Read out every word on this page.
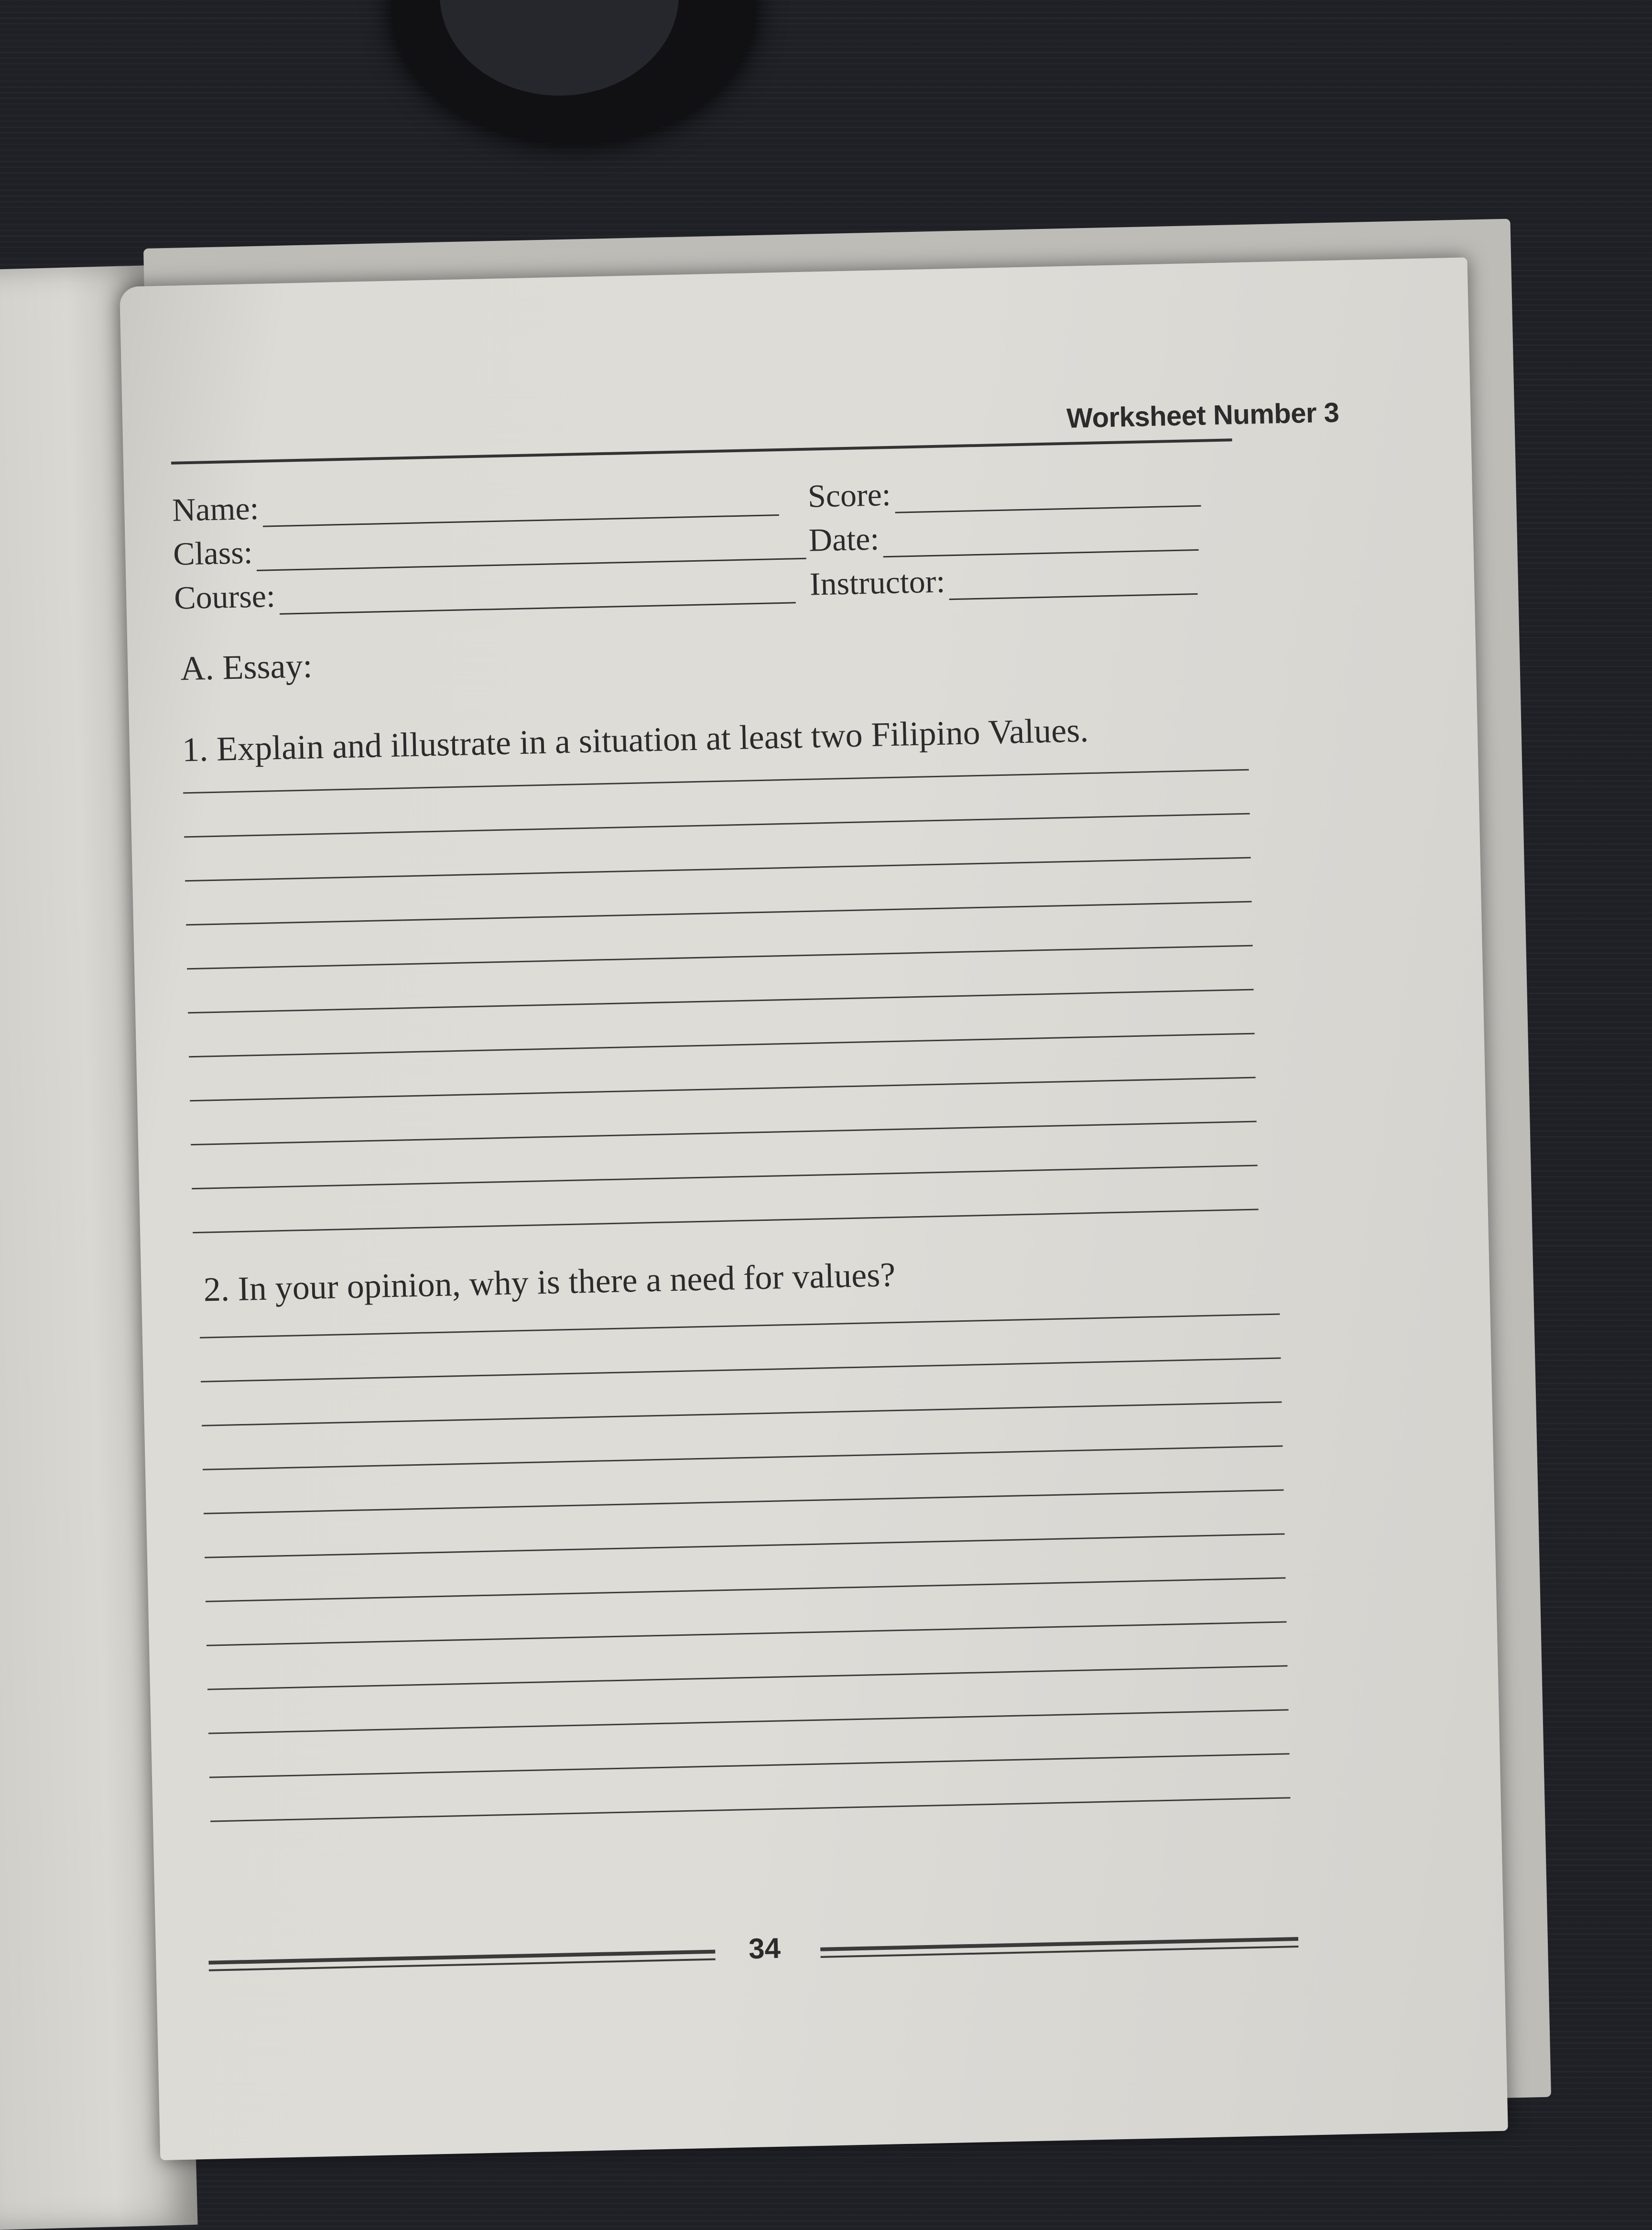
Worksheet Number 3
Name:	Score:
Class:	Date:
Course:	Instructor:
A. Essay:
1. Explain and illustrate in a situation at least two Filipino Values.
2. In your opinion, why is there a need for values?
34
